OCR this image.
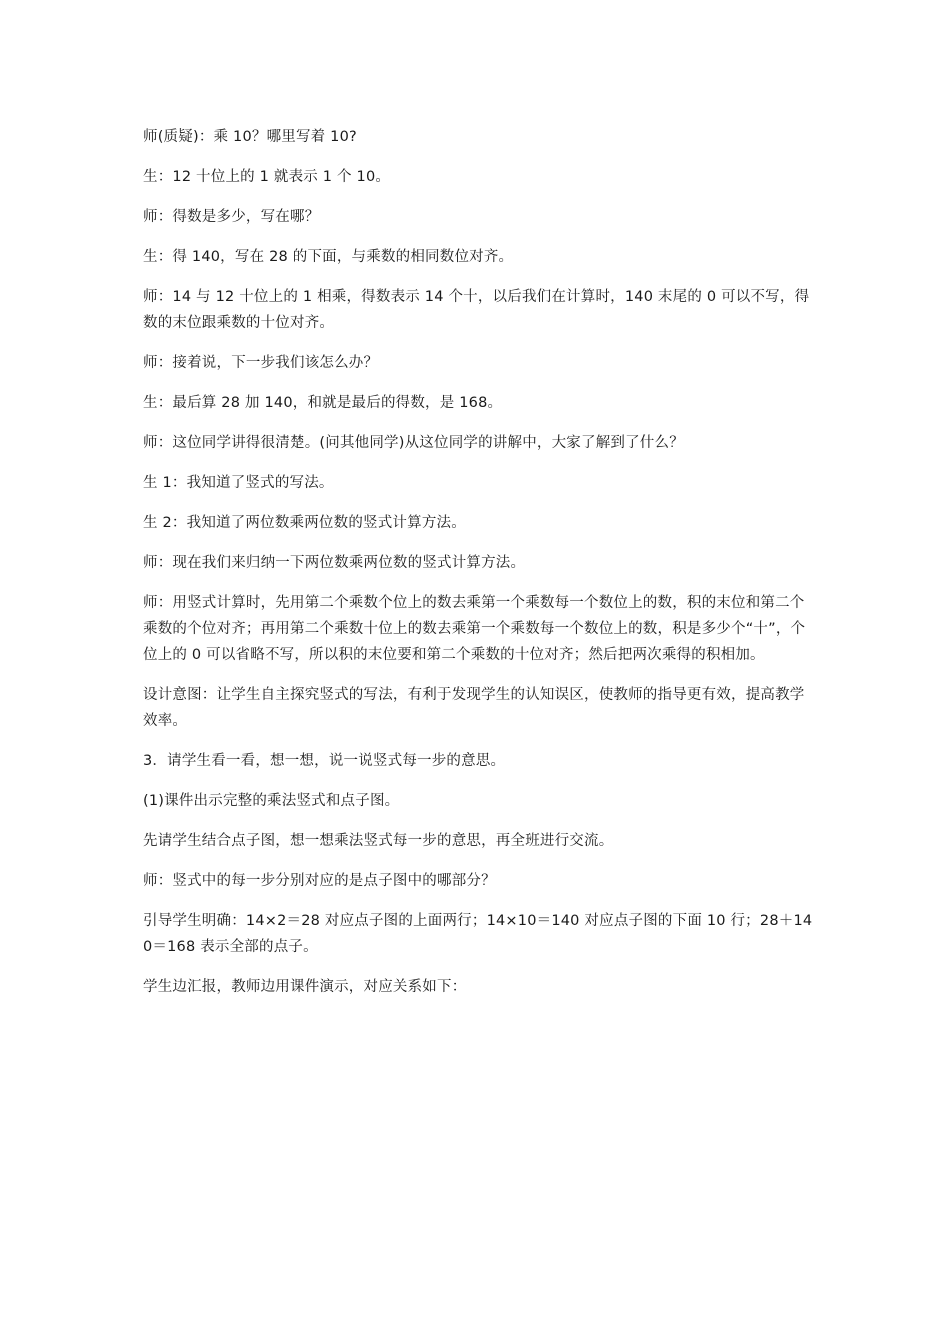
师(质疑)：乘 10？哪里写着 10?

生：12 十位上的 1 就表示 1 个 10。

师：得数是多少，写在哪？

生：得 140，写在 28 的下面，与乘数的相同数位对齐。

师：14 与 12 十位上的 1 相乘，得数表示 14 个十，以后我们在计算时，140 末尾的 0 可以不写，得数的末位跟乘数的十位对齐。

师：接着说，下一步我们该怎么办？

生：最后算 28 加 140，和就是最后的得数，是 168。

师：这位同学讲得很清楚。(问其他同学)从这位同学的讲解中，大家了解到了什么？

生 1：我知道了竖式的写法。

生 2：我知道了两位数乘两位数的竖式计算方法。

师：现在我们来归纳一下两位数乘两位数的竖式计算方法。

师：用竖式计算时，先用第二个乘数个位上的数去乘第一个乘数每一个数位上的数，积的末位和第二个乘数的个位对齐；再用第二个乘数十位上的数去乘第一个乘数每一个数位上的数，积是多少个“十”，个位上的 0 可以省略不写，所以积的末位要和第二个乘数的十位对齐；然后把两次乘得的积相加。

设计意图：让学生自主探究竖式的写法，有利于发现学生的认知误区，使教师的指导更有效，提高教学效率。

3．请学生看一看，想一想，说一说竖式每一步的意思。

(1)课件出示完整的乘法竖式和点子图。

先请学生结合点子图，想一想乘法竖式每一步的意思，再全班进行交流。

师：竖式中的每一步分别对应的是点子图中的哪部分？

引导学生明确：14×2＝28 对应点子图的上面两行；14×10＝140 对应点子图的下面 10 行；28＋140＝168 表示全部的点子。

学生边汇报，教师边用课件演示，对应关系如下：
